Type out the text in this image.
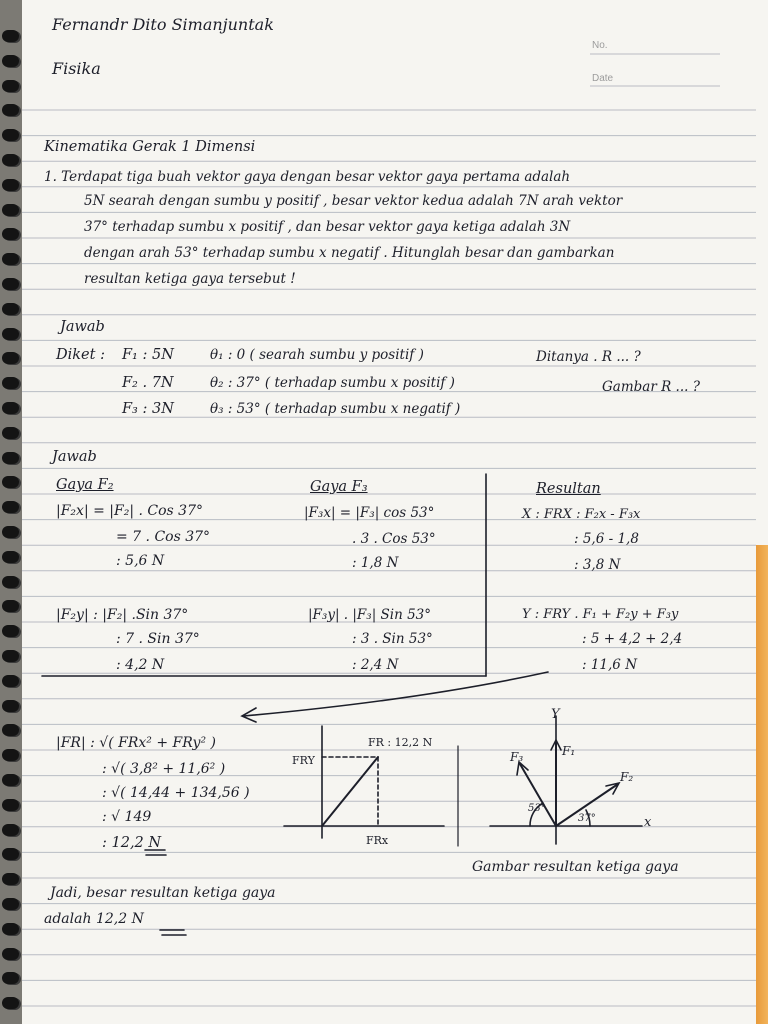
Fernandr Dito Simanjuntak
Fisika
No.
Date
Kinematika Gerak 1 Dimensi
1. Terdapat tiga buah vektor gaya dengan besar vektor gaya pertama adalah
5N searah dengan sumbu y positif , besar vektor kedua adalah 7N arah vektor
37° terhadap sumbu x positif , dan besar vektor gaya ketiga adalah 3N
dengan arah 53° terhadap sumbu x negatif . Hitunglah besar dan gambarkan
resultan ketiga gaya tersebut !
Jawab
Diket : F₁ : 5N
F₂ . 7N
F₃ : 3N
θ₁ : 0 ( searah sumbu y positif )
θ₂ : 37° ( terhadap sumbu x positif )
θ₃ : 53° ( terhadap sumbu x negatif )
Ditanya . R ... ?
Gambar R ... ?
Jawab
Gaya F₂
|F₂x| = |F₂| . Cos 37°
= 7 . Cos 37°
: 5,6 N
|F₂y| : |F₂| .Sin 37°
: 7 . Sin 37°
: 4,2 N
Gaya F₃
|F₃x| = |F₃| cos 53°
. 3 . Cos 53°
: 1,8 N
|F₃y| . |F₃| Sin 53°
: 3 . Sin 53°
: 2,4 N
Resultan
X : FRX : F₂x - F₃x
: 5,6 - 1,8
: 3,8 N
Y : FRY . F₁ + F₂y + F₃y
: 5 + 4,2 + 2,4
: 11,6 N
|FR| : √( FRx² + FRy² )
: √( 3,8² + 11,6² )
: √( 14,44 + 134,56 )
: √ 149
: 12,2 N
FR : 12,2 N
FRY
FRx
Y
F₁
F₃
F₂
x
53°
37°
Gambar resultan ketiga gaya
Jadi, besar resultan ketiga gaya
adalah 12,2 N
